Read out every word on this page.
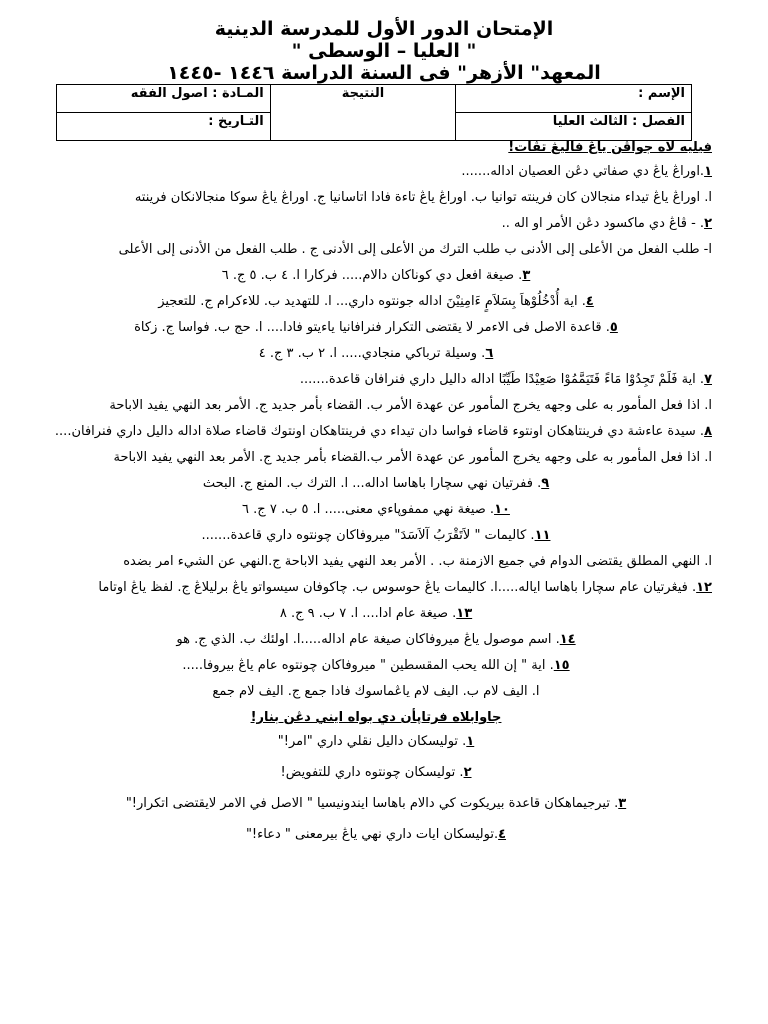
الإمتحان الدور الأول للمدرسة الدينية
" العليا – الوسطى "
المعهد" الأزهر" فى السنة الدراسة ١٤٤٦ -١٤٤٥
الإسم :	النتيجة	المـادة : اصول الفقه
الفصل : الثالث العليا		التـاريخ :

فيليه لاه جواڤن ياڠ فاليڠ تڤات!

١.اوراڠ ياڠ دي صفاتي دڠن العصيان اداله.......

ا. اوراڠ ياڠ تيداء منجالان كان فرينته توانيا ب. اوراڠ ياڠ تاءة فادا اتاسانيا ج. اوراڠ ياڠ سوكا منجالانكان فرينته

٢. - ڤاڠ دي ماكسود دڠن الأمر او اله ..

ا- طلب الفعل من الأعلى إلى الأدنى ب طلب الترك من الأعلى إلى الأدنى ج . طلب الفعل من الأدنى إلى الأعلى

٣. صيغة افعل دي كوناكان دالام..... فركارا ا. ٤ ب. ٥ ج. ٦

٤. اية أُدْخُلُوْهاَ بِسَلاَمٍ ءَامِنِيْنَ اداله جونتوه داري... ا. للتهديد ب. للاءكرام ج. للتعجيز

٥. قاعدة الاصل فى الاءمر لا يقتضى التكرار فنرافانيا ياءيتو فادا.... ا. حج ب. فواسا ج. زكاة

٦. وسيلة ترباكي منجادي..... ا. ٢ ب. ٣ ج. ٤

٧. اية فَلَمْ تَجِدُوْا مَاءً فَتَيَمَّمُوْا صَعِيْدًا طَيِّبًا اداله داليل داري فنرافان قاعدة.......

ا. اذا فعل المأمور به على وجهه يخرج المأمور عن عهدة الأمر ب. القضاء بأمر جديد ج. الأمر بعد النهي يفيد الاباحة

٨. سيدة عاءشة دي فرينتاهكان اونتوء قاضاء فواسا دان تيداء دي فرينتاهكان اونتوك قاضاء صلاة اداله داليل داري فنرافان....

ا. اذا فعل المأمور به على وجهه يخرج المأمور عن عهدة الأمر ب.القضاء بأمر جديد ج. الأمر بعد النهي يفيد الاباحة

٩. ففرتيان نهي سچارا باهاسا اداله... ا. الترك ب. المنع ج. البحث

١٠. صيغة نهي ممفوڽاءي معنى..... ا. ٥ ب. ٧ ج. ٦

١١. كاليمات " لاَتَقْرَبُ آلاَسَدَ" ميروفاكان چونتوه داري قاعدة.......

ا. النهي المطلق يقتضى الدوام في جميع الازمنة ب. . الأمر بعد النهي يفيد الاباحة ج.النهي عن الشيء امر بضده

١٢. فيڠرتيان عام سچارا باهاسا اياله.....ا. كاليمات ياڠ حوسوس ب. چاكوفان سيسواتو ياڠ برليلاڠ ج. لفظ ياڠ اوتاما

١٣. صيغة عام ادا.... ا. ٧ ب. ٩ ج. ٨

١٤. اسم موصول ياڠ ميروفاكان صيغة عام اداله.....ا. اولئك ب. الذي ج. هو

١٥. اية " إن الله يحب المقسطين " ميروفاكان چونتوه عام ياڠ بيروفا.....

ا. اليف لام ب. اليف لام ياڠماسوك فادا جمع ج. اليف لام جمع

جاوابلاه فرتاڽأن دي بواه ايني دڠن بنار!

١. توليسكان داليل نقلي داري "امر!"

٢. توليسكان چونتوه داري للتفويض!

٣. تيرجيماهكان قاعدة بيريكوت كي دالام باهاسا ايندونيسيا " الاصل في الامر لايقتضى اتكرار!"

٤.توليسكان ايات داري نهي ياڠ بيرمعنى " دعاء!"
